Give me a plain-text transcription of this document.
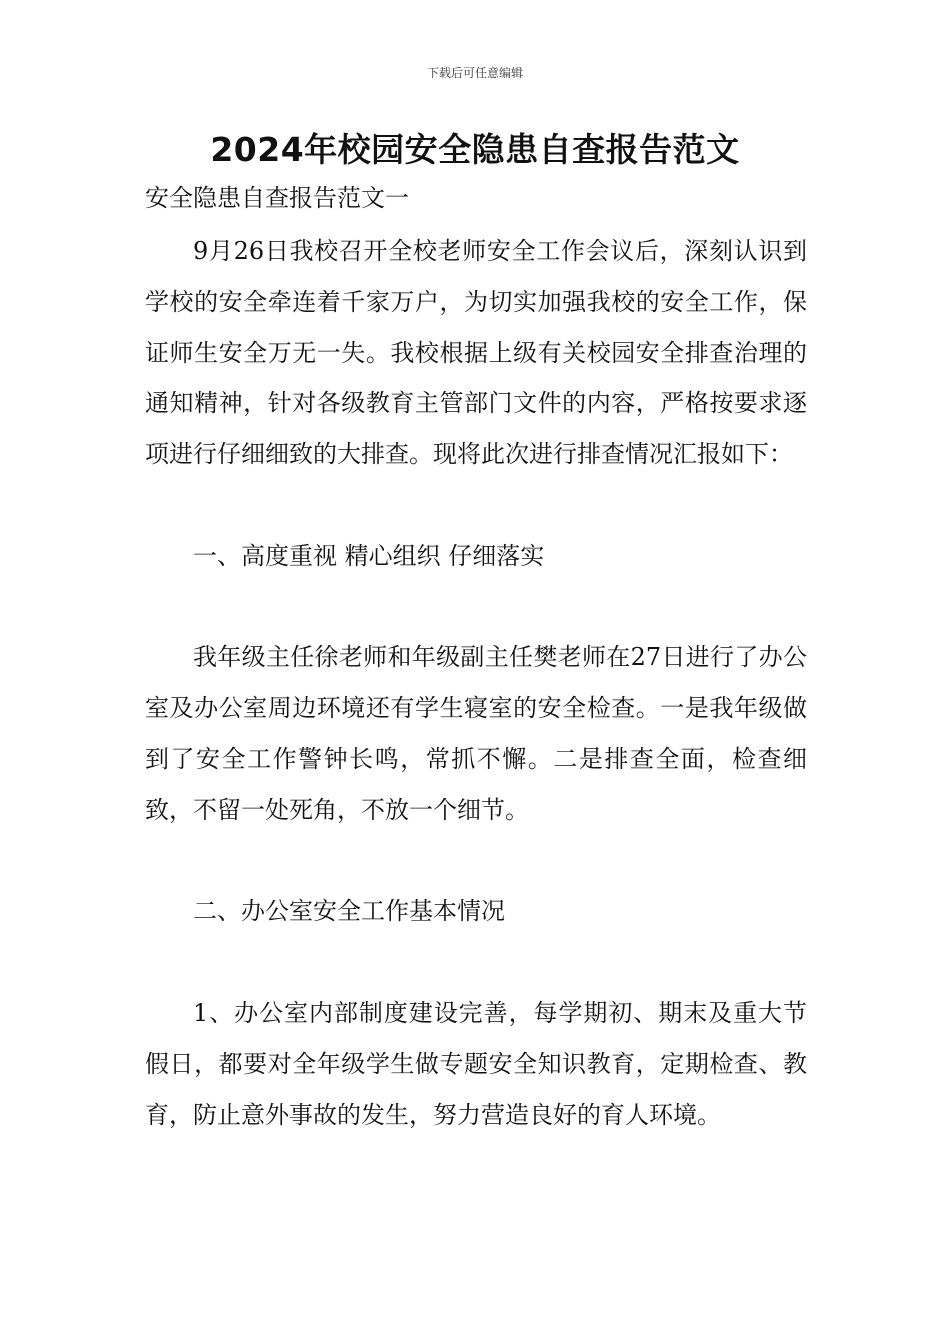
下载后可任意编辑
2024年校园安全隐患自查报告范文

安全隐患自查报告范文一

9月26日我校召开全校老师安全工作会议后，深刻认识到学校的安全牵连着千家万户，为切实加强我校的安全工作，保证师生安全万无一失。我校根据上级有关校园安全排查治理的通知精神，针对各级教育主管部门文件的内容，严格按要求逐项进行仔细细致的大排查。现将此次进行排查情况汇报如下：

一、高度重视 精心组织 仔细落实

我年级主任徐老师和年级副主任樊老师在27日进行了办公室及办公室周边环境还有学生寝室的安全检查。一是我年级做到了安全工作警钟长鸣，常抓不懈。二是排查全面，检查细致，不留一处死角，不放一个细节。

二、办公室安全工作基本情况

1、办公室内部制度建设完善，每学期初、期末及重大节假日，都要对全年级学生做专题安全知识教育，定期检查、教育，防止意外事故的发生，努力营造良好的育人环境。
